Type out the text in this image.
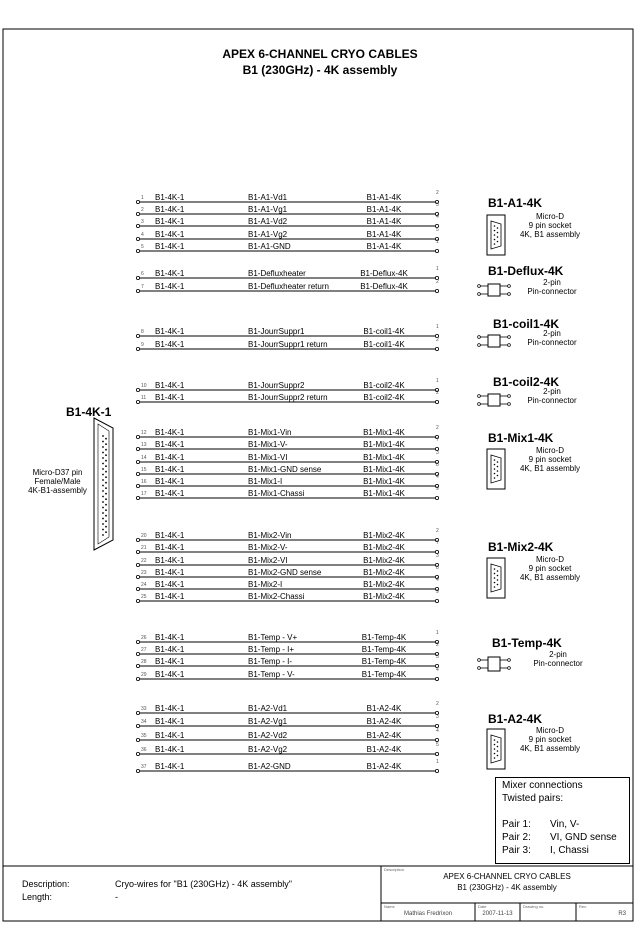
APEX 6-CHANNEL CRYO CABLES
B1 (230GHz) - 4K assembly
B1-4K-1
Micro-D37 pin
Female/Male
4K-B1-assembly
1 B1-4K-1	B1-A1-Vd1	B1-A1-4K	2
2 B1-4K-1	B1-A1-Vg1	B1-A1-4K	3
3 B1-4K-1	B1-A1-Vd2	B1-A1-4K	4
4 B1-4K-1	B1-A1-Vg2	B1-A1-4K	5
5 B1-4K-1	B1-A1-GND	B1-A1-4K	1
B1-A1-4K
Micro-D
9 pin socket
4K, B1 assembly
6 B1-4K-1	B1-Defluxheater	B1-Deflux-4K	1
7 B1-4K-1	B1-Defluxheater return	B1-Deflux-4K	2
B1-Deflux-4K
2-pin
Pin-connector
8 B1-4K-1	B1-JourrSuppr1	B1-coil1-4K	1
9 B1-4K-1	B1-JourrSuppr1 return	B1-coil1-4K	2
B1-coil1-4K
2-pin
Pin-connector
10 B1-4K-1	B1-JourrSuppr2	B1-coil2-4K	1
11 B1-4K-1	B1-JourrSuppr2 return	B1-coil2-4K	2
B1-coil2-4K
2-pin
Pin-connector
12 B1-4K-1	B1-Mix1-Vin	B1-Mix1-4K	2
13 B1-4K-1	B1-Mix1-V-	B1-Mix1-4K	7
14 B1-4K-1	B1-Mix1-VI	B1-Mix1-4K	3
15 B1-4K-1	B1-Mix1-GND sense	B1-Mix1-4K	8
16 B1-4K-1	B1-Mix1-I	B1-Mix1-4K	4
17 B1-4K-1	B1-Mix1-Chassi	B1-Mix1-4K	9
B1-Mix1-4K
Micro-D
9 pin socket
4K, B1 assembly
20 B1-4K-1	B1-Mix2-Vin	B1-Mix2-4K	2
21 B1-4K-1	B1-Mix2-V-	B1-Mix2-4K	7
22 B1-4K-1	B1-Mix2-VI	B1-Mix2-4K	3
23 B1-4K-1	B1-Mix2-GND sense	B1-Mix2-4K	8
24 B1-4K-1	B1-Mix2-I	B1-Mix2-4K	4
25 B1-4K-1	B1-Mix2-Chassi	B1-Mix2-4K	9
B1-Mix2-4K
Micro-D
9 pin socket
4K, B1 assembly
26 B1-4K-1	B1-Temp - V+	B1-Temp-4K	1
27 B1-4K-1	B1-Temp - I+	B1-Temp-4K	2
28 B1-4K-1	B1-Temp - I-	B1-Temp-4K	3
29 B1-4K-1	B1-Temp - V-	B1-Temp-4K	4
B1-Temp-4K
2-pin
Pin-connector
33 B1-4K-1	B1-A2-Vd1	B1-A2-4K	2
34 B1-4K-1	B1-A2-Vg1	B1-A2-4K	3
35 B1-4K-1	B1-A2-Vd2	B1-A2-4K	4
36 B1-4K-1	B1-A2-Vg2	B1-A2-4K	5
37 B1-4K-1	B1-A2-GND	B1-A2-4K	1
B1-A2-4K
Micro-D
9 pin socket
4K, B1 assembly
Mixer connections
Twisted pairs:
Pair 1: Vin, V-
Pair 2: VI, GND sense
Pair 3: I, Chassi
Description:	Cryo-wires for "B1 (230GHz) - 4K assembly"
Length:	-
Description
APEX 6-CHANNEL CRYO CABLES
B1 (230GHz) - 4K assembly
Name
Mathias Fredrixon
Date
2007-11-13
Drawing no.	Rev.
R3
